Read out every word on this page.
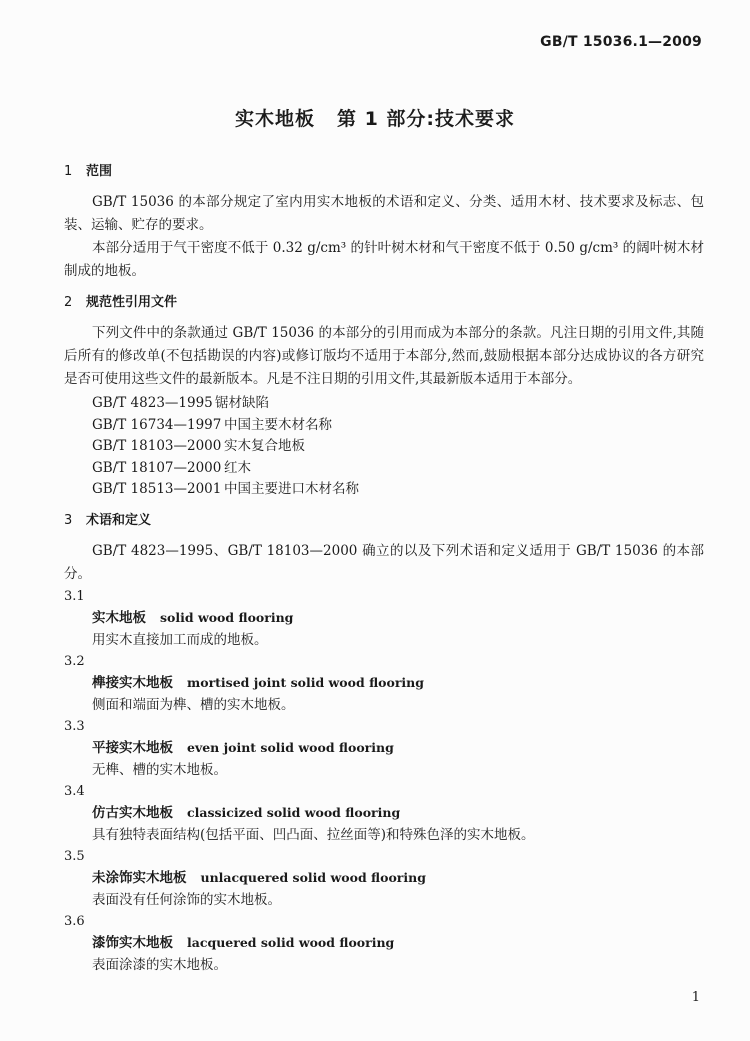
GB/T 15036.1—2009
实木地板 第 1 部分:技术要求
1 范围

GB/T 15036 的本部分规定了室内用实木地板的术语和定义、分类、适用木材、技术要求及标志、包装、运输、贮存的要求。

本部分适用于气干密度不低于 0.32 g/cm³ 的针叶树木材和气干密度不低于 0.50 g/cm³ 的阔叶树木材制成的地板。

2 规范性引用文件

下列文件中的条款通过 GB/T 15036 的本部分的引用而成为本部分的条款。凡注日期的引用文件,其随后所有的修改单(不包括勘误的内容)或修订版均不适用于本部分,然而,鼓励根据本部分达成协议的各方研究是否可使用这些文件的最新版本。凡是不注日期的引用文件,其最新版本适用于本部分。

GB/T 4823—1995 锯材缺陷
GB/T 16734—1997 中国主要木材名称
GB/T 18103—2000 实木复合地板
GB/T 18107—2000 红木
GB/T 18513—2001 中国主要进口木材名称
3 术语和定义

GB/T 4823—1995、GB/T 18103—2000 确立的以及下列术语和定义适用于 GB/T 15036 的本部分。

3.1
实木地板 solid wood flooring
用实木直接加工而成的地板。
3.2
榫接实木地板 mortised joint solid wood flooring
侧面和端面为榫、槽的实木地板。
3.3
平接实木地板 even joint solid wood flooring
无榫、槽的实木地板。
3.4
仿古实木地板 classicized solid wood flooring
具有独特表面结构(包括平面、凹凸面、拉丝面等)和特殊色泽的实木地板。
3.5
未涂饰实木地板 unlacquered solid wood flooring
表面没有任何涂饰的实木地板。
3.6
漆饰实木地板 lacquered solid wood flooring
表面涂漆的实木地板。
1
